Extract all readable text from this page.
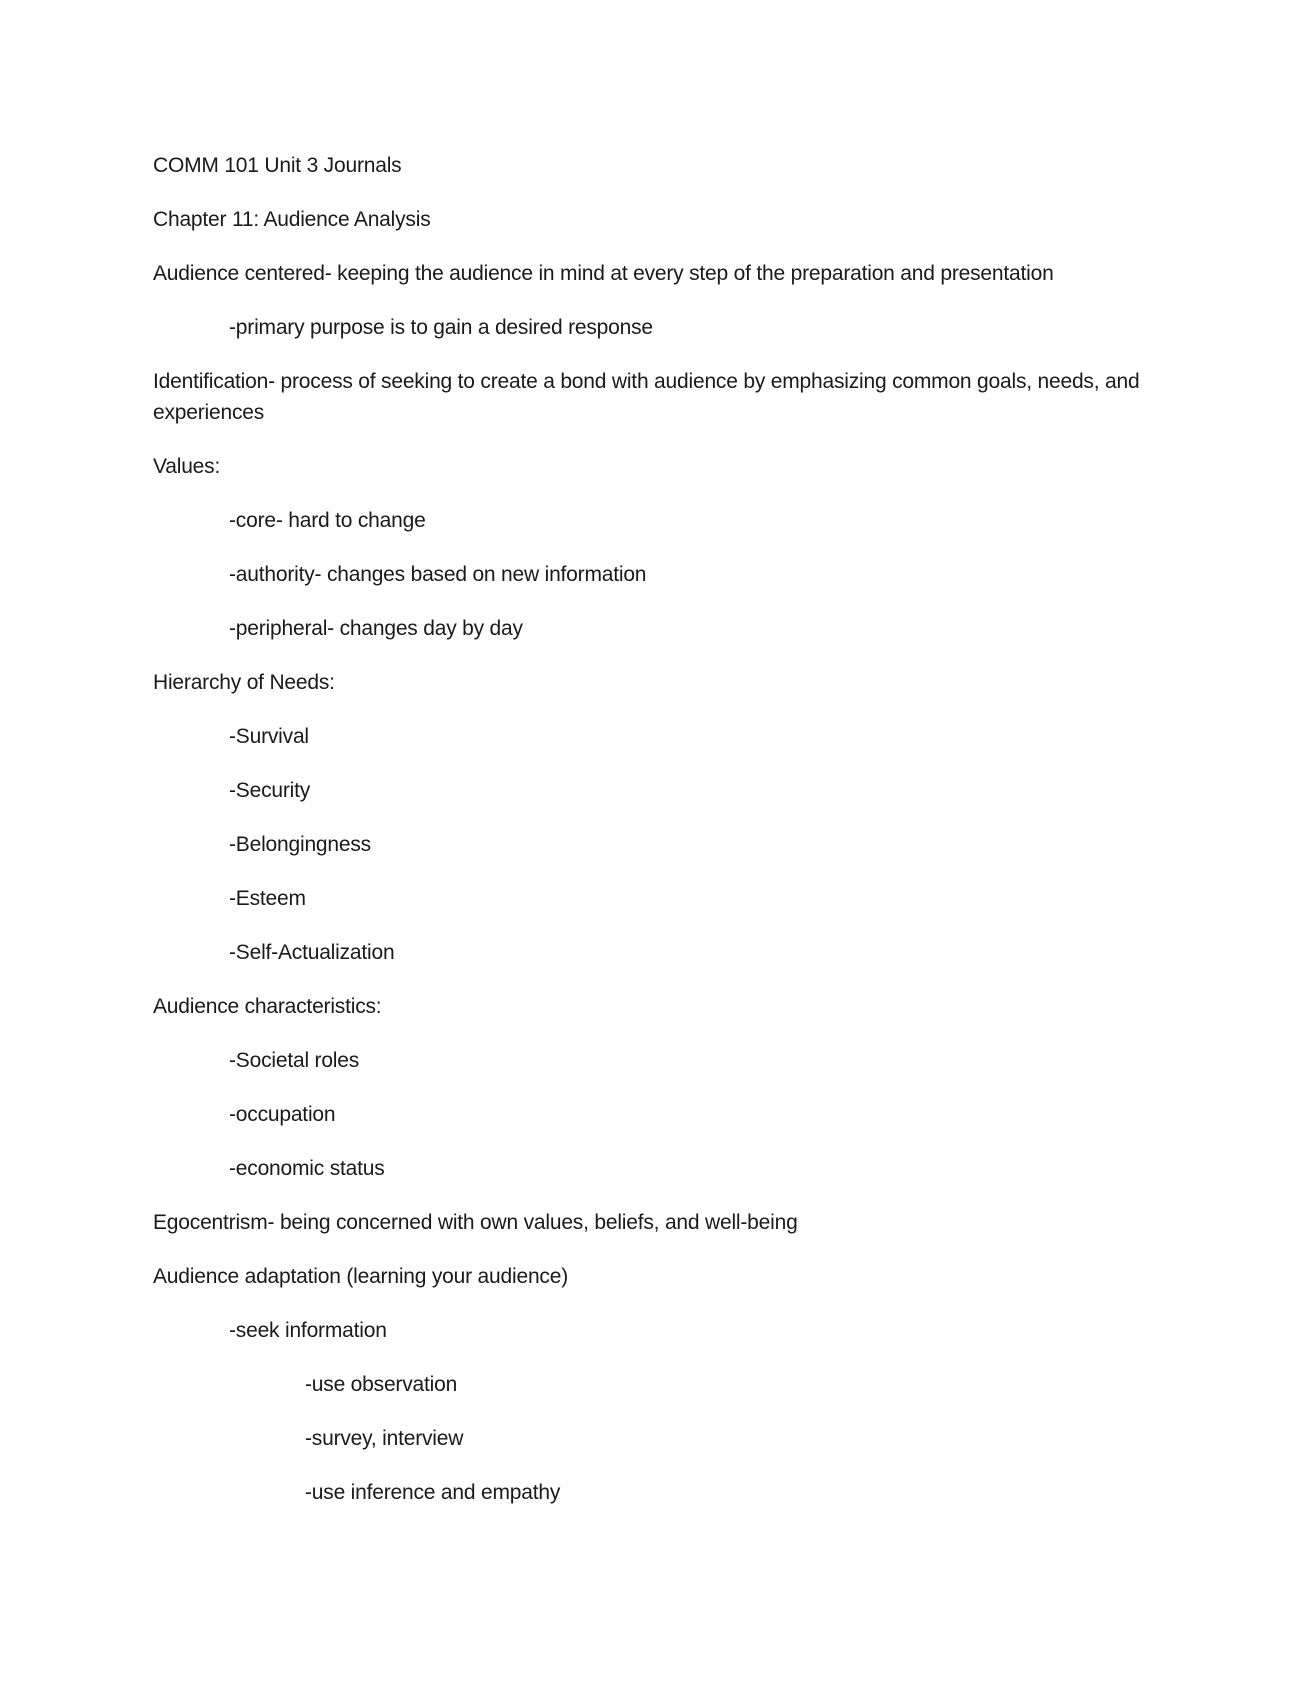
COMM 101 Unit 3 Journals

Chapter 11: Audience Analysis

Audience centered- keeping the audience in mind at every step of the preparation and presentation

-primary purpose is to gain a desired response

Identification- process of seeking to create a bond with audience by emphasizing common goals, needs, and experiences

Values:

-core- hard to change

-authority- changes based on new information

-peripheral- changes day by day

Hierarchy of Needs:

-Survival

-Security

-Belongingness

-Esteem

-Self-Actualization

Audience characteristics:

-Societal roles

-occupation

-economic status

Egocentrism- being concerned with own values, beliefs, and well-being

Audience adaptation (learning your audience)

-seek information

-use observation

-survey, interview

-use inference and empathy
